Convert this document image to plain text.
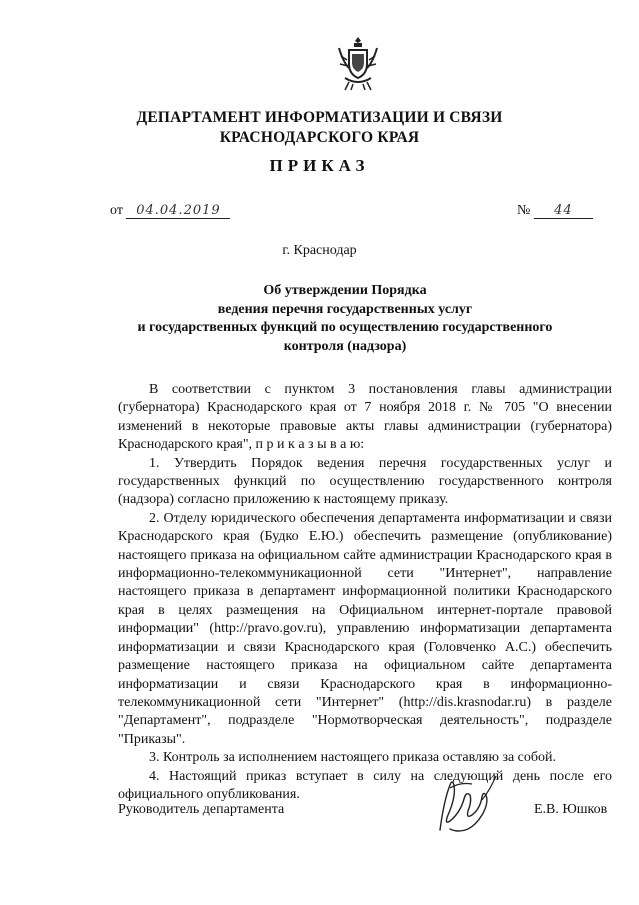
ДЕПАРТАМЕНТ ИНФОРМАТИЗАЦИИ И СВЯЗИ
КРАСНОДАРСКОГО КРАЯ
ПРИКАЗ
от 04.04.2019	№ 44
г. Краснодар
Об утверждении Порядка
ведения перечня государственных услуг
и государственных функций по осуществлению государственного
контроля (надзора)

В соответствии с пунктом 3 постановления главы администрации (губернатора) Краснодарского края от 7 ноября 2018 г. № 705 "О внесении изменений в некоторые правовые акты главы администрации (губернатора) Краснодарского края", п р и к а з ы в а ю:

1. Утвердить Порядок ведения перечня государственных услуг и государственных функций по осуществлению государственного контроля (надзора) согласно приложению к настоящему приказу.

2. Отделу юридического обеспечения департамента информатизации и связи Краснодарского края (Будко Е.Ю.) обеспечить размещение (опубликование) настоящего приказа на официальном сайте администрации Краснодарского края в информационно-телекоммуникационной сети "Интернет", направление настоящего приказа в департамент информационной политики Краснодарского края в целях размещения на Официальном интернет-портале правовой информации" (http://pravo.gov.ru), управлению информатизации департамента информатизации и связи Краснодарского края (Головченко А.С.) обеспечить размещение настоящего приказа на официальном сайте департамента информатизации и связи Краснодарского края в информационно-телекоммуникационной сети "Интернет" (http://dis.krasnodar.ru) в разделе "Департамент", подразделе "Нормотворческая деятельность", подразделе "Приказы".

3. Контроль за исполнением настоящего приказа оставляю за собой.

4. Настоящий приказ вступает в силу на следующий день после его официального опубликования.

Руководитель департамента	Е.В. Юшков
